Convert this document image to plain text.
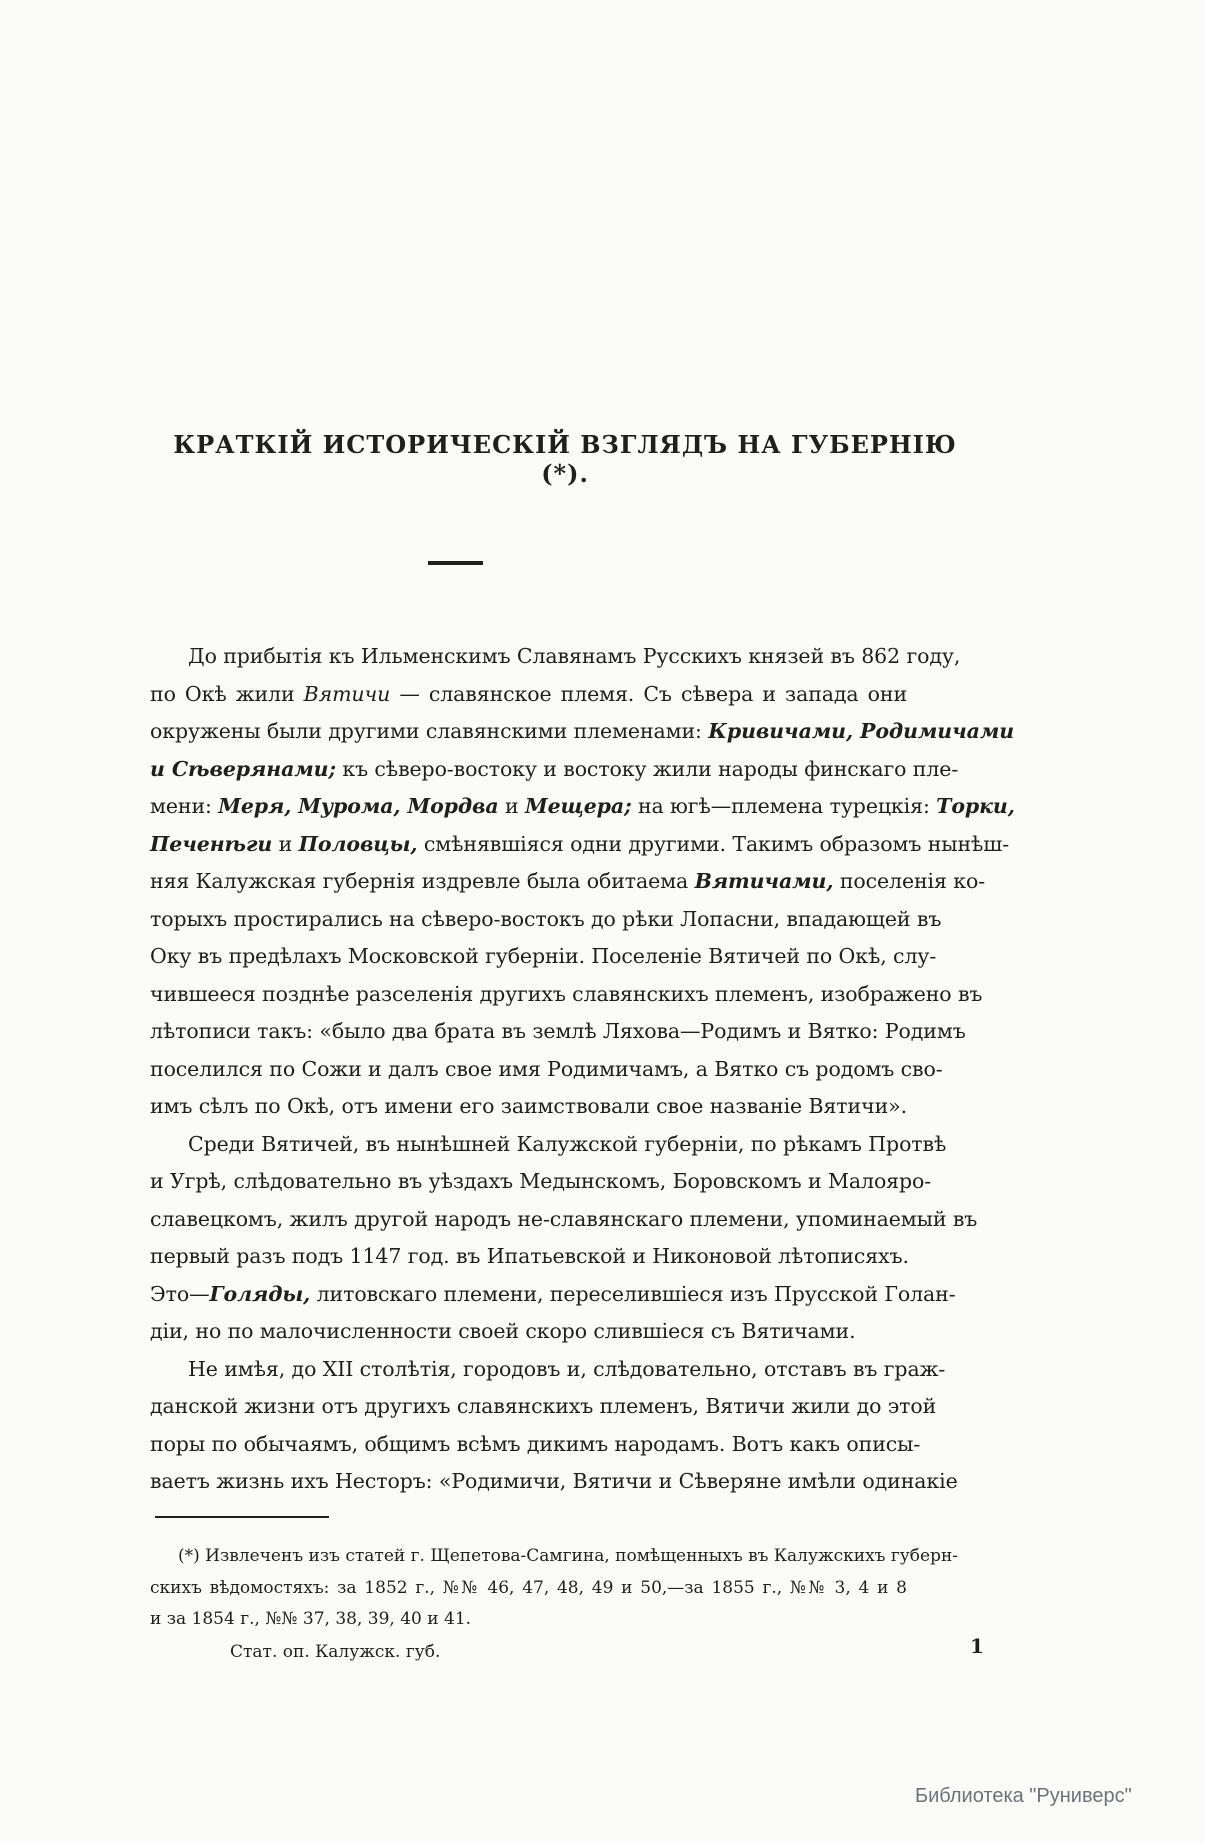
КРАТКІЙ ИСТОРИЧЕСКІЙ ВЗГЛЯДЪ НА ГУБЕРНІЮ (*).
До прибытія къ Ильменскимъ Славянамъ Русскихъ князей въ 862 году,
по Окѣ жили Вятичи — славянское племя. Съ сѣвера и запада они
окружены были другими славянскими племенами: Кривичами, Родимичами
и Сѣверянами; къ сѣверо-востоку и востоку жили народы финскаго пле-
мени: Меря, Мурома, Мордва и Мещера; на югѣ—племена турецкія: Торки,
Печенѣги и Половцы, смѣнявшіяся одни другими. Такимъ образомъ нынѣш-
няя Калужская губернія издревле была обитаема Вятичами, поселенія ко-
торыхъ простирались на сѣверо-востокъ до рѣки Лопасни, впадающей въ
Оку въ предѣлахъ Московской губерніи. Поселеніе Вятичей по Окѣ, слу-
чившееся позднѣе разселенія другихъ славянскихъ племенъ, изображено въ
лѣтописи такъ: «было два брата въ землѣ Ляхова—Родимъ и Вятко: Родимъ
поселился по Сожи и далъ свое имя Родимичамъ, а Вятко съ родомъ сво-
имъ сѣлъ по Окѣ, отъ имени его заимствовали свое названіе Вятичи».
Среди Вятичей, въ нынѣшней Калужской губерніи, по рѣкамъ Протвѣ
и Угрѣ, слѣдовательно въ уѣздахъ Медынскомъ, Боровскомъ и Малояро-
славецкомъ, жилъ другой народъ не-славянскаго племени, упоминаемый въ
первый разъ подъ 1147 год. въ Ипатьевской и Никоновой лѣтописяхъ.
Это—Голяды, литовскаго племени, переселившіеся изъ Прусской Голан-
діи, но по малочисленности своей скоро слившіеся съ Вятичами.
Не имѣя, до XII столѣтія, городовъ и, слѣдовательно, отставъ въ граж-
данской жизни отъ другихъ славянскихъ племенъ, Вятичи жили до этой
поры по обычаямъ, общимъ всѣмъ дикимъ народамъ. Вотъ какъ описы-
ваетъ жизнь ихъ Несторъ: «Родимичи, Вятичи и Сѣверяне имѣли одинакіе
(*) Извлеченъ изъ статей г. Щепетова-Самгина, помѣщенныхъ въ Калужскихъ губерн-
скихъ вѣдомостяхъ: за 1852 г., №№ 46, 47, 48, 49 и 50,—за 1855 г., №№ 3, 4 и 8
и за 1854 г., №№ 37, 38, 39, 40 и 41.
Стат. оп. Калужск. губ.	1
Библиотека "Руниверс"
